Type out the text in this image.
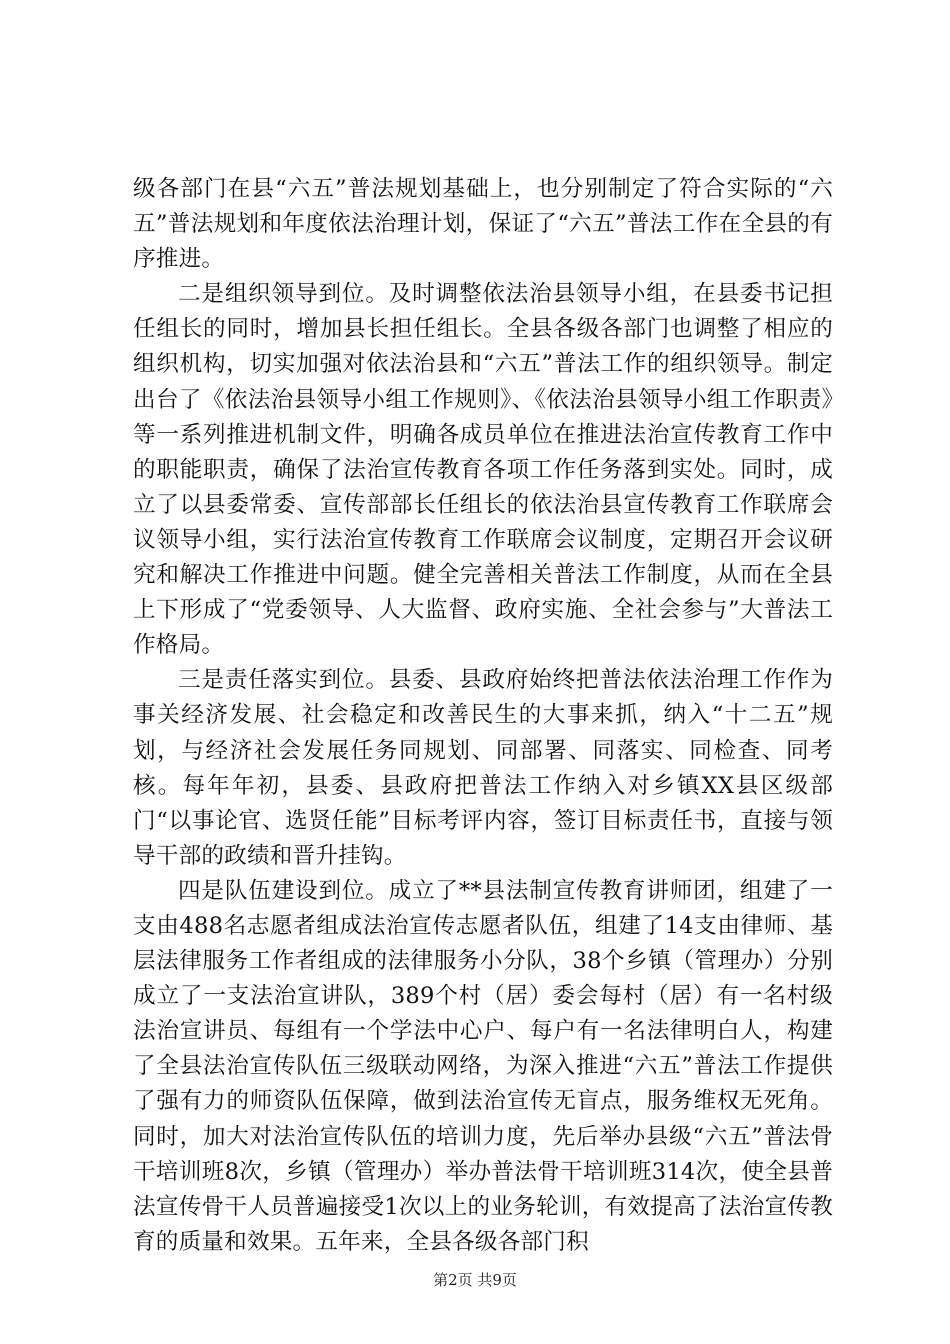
级各部门在县“六五”普法规划基础上，也分别制定了符合实际的“六五”普法规划和年度依法治理计划，保证了“六五”普法工作在全县的有序推进。

二是组织领导到位。及时调整依法治县领导小组，在县委书记担任组长的同时，增加县长担任组长。全县各级各部门也调整了相应的组织机构，切实加强对依法治县和“六五”普法工作的组织领导。制定出台了《依法治县领导小组工作规则》、《依法治县领导小组工作职责》等一系列推进机制文件，明确各成员单位在推进法治宣传教育工作中的职能职责，确保了法治宣传教育各项工作任务落到实处。同时，成立了以县委常委、宣传部部长任组长的依法治县宣传教育工作联席会议领导小组，实行法治宣传教育工作联席会议制度，定期召开会议研究和解决工作推进中问题。健全完善相关普法工作制度，从而在全县上下形成了“党委领导、人大监督、政府实施、全社会参与”大普法工作格局。

三是责任落实到位。县委、县政府始终把普法依法治理工作作为事关经济发展、社会稳定和改善民生的大事来抓，纳入“十二五”规划，与经济社会发展任务同规划、同部署、同落实、同检查、同考核。每年年初，县委、县政府把普法工作纳入对乡镇XX县区级部门“以事论官、选贤任能”目标考评内容，签订目标责任书，直接与领导干部的政绩和晋升挂钩。

四是队伍建设到位。成立了**县法制宣传教育讲师团，组建了一支由488名志愿者组成法治宣传志愿者队伍，组建了14支由律师、基层法律服务工作者组成的法律服务小分队，38个乡镇（管理办）分别成立了一支法治宣讲队，389个村（居）委会每村（居）有一名村级法治宣讲员、每组有一个学法中心户、每户有一名法律明白人，构建了全县法治宣传队伍三级联动网络，为深入推进“六五”普法工作提供了强有力的师资队伍保障，做到法治宣传无盲点，服务维权无死角。同时，加大对法治宣传队伍的培训力度，先后举办县级“六五”普法骨干培训班8次，乡镇（管理办）举办普法骨干培训班314次，使全县普法宣传骨干人员普遍接受1次以上的业务轮训，有效提高了法治宣传教育的质量和效果。五年来，全县各级各部门积

第2页 共9页
